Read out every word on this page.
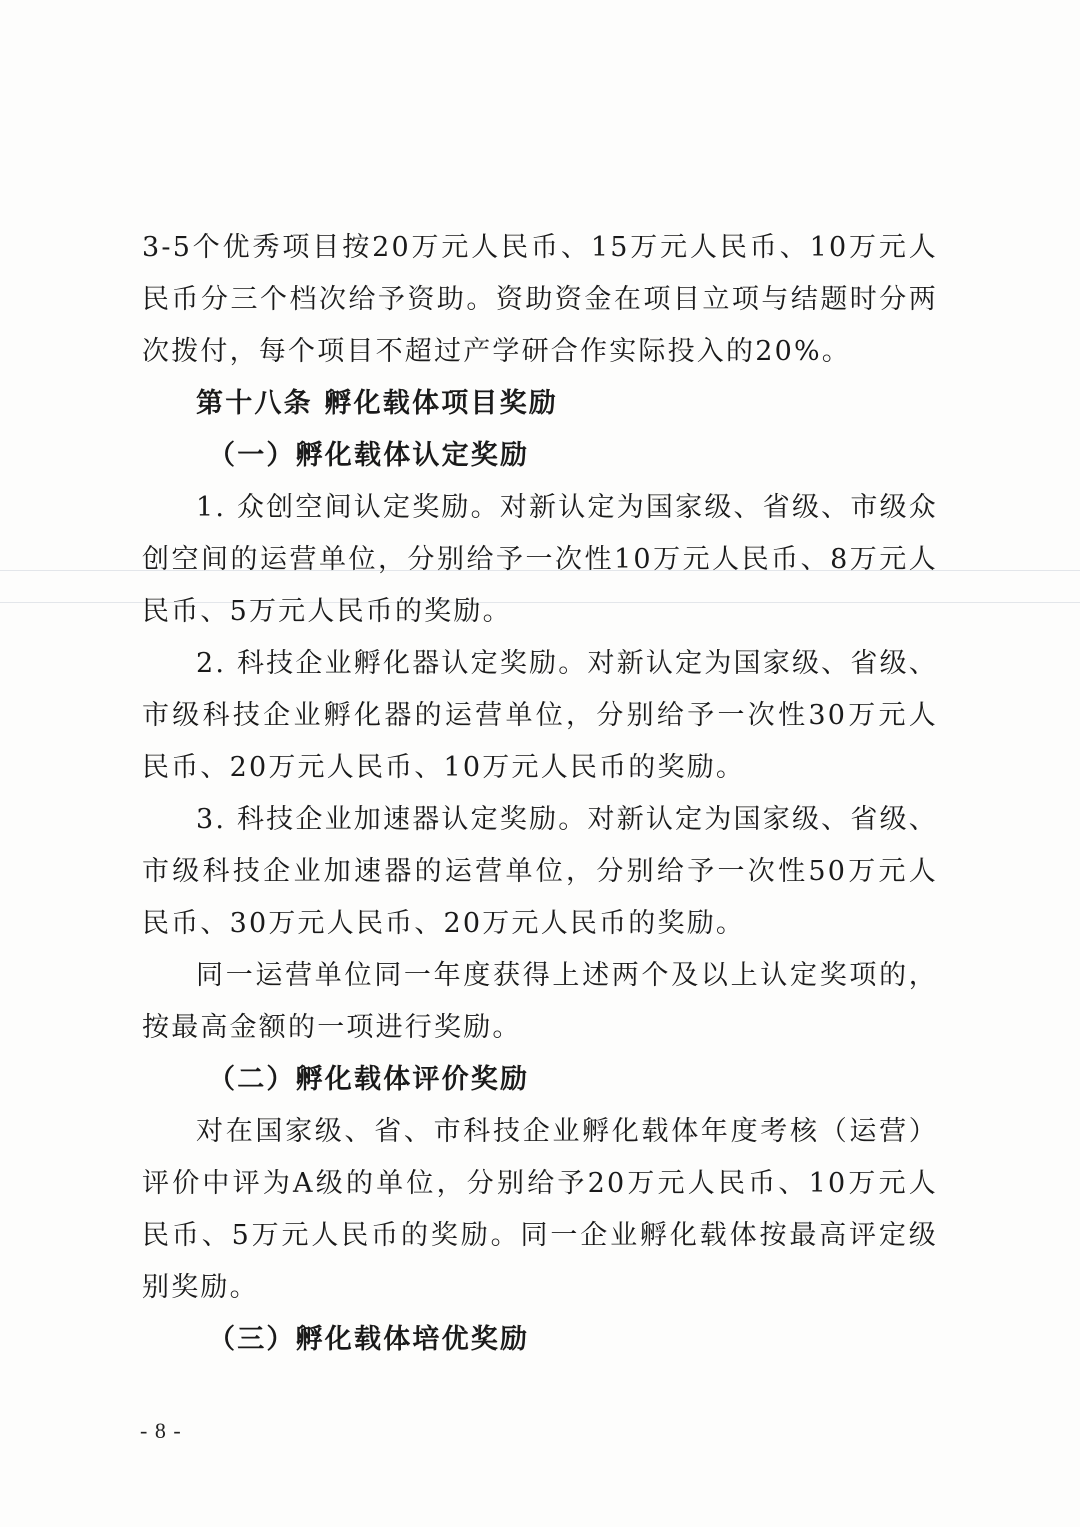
3-5个优秀项目按20万元人民币、15万元人民币、10万元人民币分三个档次给予资助。资助资金在项目立项与结题时分两次拨付，每个项目不超过产学研合作实际投入的20%。

第十八条 孵化载体项目奖励

（一）孵化载体认定奖励

1. 众创空间认定奖励。对新认定为国家级、省级、市级众创空间的运营单位，分别给予一次性10万元人民币、8万元人民币、5万元人民币的奖励。

2. 科技企业孵化器认定奖励。对新认定为国家级、省级、市级科技企业孵化器的运营单位，分别给予一次性30万元人民币、20万元人民币、10万元人民币的奖励。

3. 科技企业加速器认定奖励。对新认定为国家级、省级、市级科技企业加速器的运营单位，分别给予一次性50万元人民币、30万元人民币、20万元人民币的奖励。

同一运营单位同一年度获得上述两个及以上认定奖项的，按最高金额的一项进行奖励。

（二）孵化载体评价奖励

对在国家级、省、市科技企业孵化载体年度考核（运营）评价中评为A级的单位，分别给予20万元人民币、10万元人民币、5万元人民币的奖励。同一企业孵化载体按最高评定级别奖励。

（三）孵化载体培优奖励

- 8 -
